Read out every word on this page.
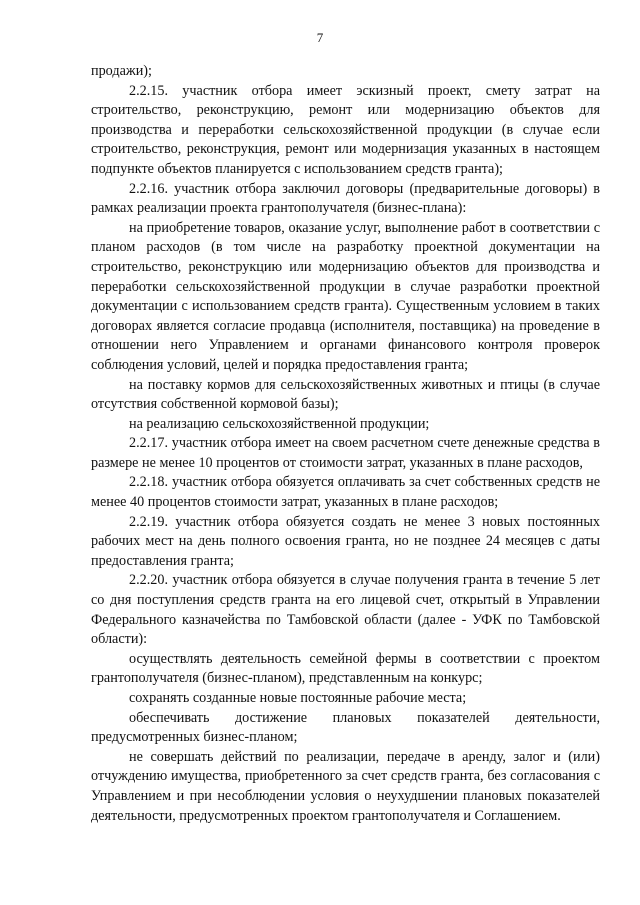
7

продажи);

2.2.15. участник отбора имеет эскизный проект, смету затрат на строительство, реконструкцию, ремонт или модернизацию объектов для производства и переработки сельскохозяйственной продукции (в случае если строительство, реконструкция, ремонт или модернизация указанных в настоящем подпункте объектов планируется с использованием средств гранта);

2.2.16. участник отбора заключил договоры (предварительные договоры) в рамках реализации проекта грантополучателя (бизнес-плана):

на приобретение товаров, оказание услуг, выполнение работ в соответствии с планом расходов (в том числе на разработку проектной документации на строительство, реконструкцию или модернизацию объектов для производства и переработки сельскохозяйственной продукции в случае разработки проектной документации с использованием средств гранта). Существенным условием в таких договорах является согласие продавца (исполнителя, поставщика) на проведение в отношении него Управлением и органами финансового контроля проверок соблюдения условий, целей и порядка предоставления гранта;

на поставку кормов для сельскохозяйственных животных и птицы (в случае отсутствия собственной кормовой базы);

на реализацию сельскохозяйственной продукции;

2.2.17. участник отбора имеет на своем расчетном счете денежные средства в размере не менее 10 процентов от стоимости затрат, указанных в плане расходов,

2.2.18. участник отбора обязуется оплачивать за счет собственных средств не менее 40 процентов стоимости затрат, указанных в плане расходов;

2.2.19. участник отбора обязуется создать не менее 3 новых постоянных рабочих мест на день полного освоения гранта, но не позднее 24 месяцев с даты предоставления гранта;

2.2.20. участник отбора обязуется в случае получения гранта в течение 5 лет со дня поступления средств гранта на его лицевой счет, открытый в Управлении Федерального казначейства по Тамбовской области (далее - УФК по Тамбовской области):

осуществлять деятельность семейной фермы в соответствии с проектом грантополучателя (бизнес-планом), представленным на конкурс;

сохранять созданные новые постоянные рабочие места;

обеспечивать достижение плановых показателей деятельности, предусмотренных бизнес-планом;

не совершать действий по реализации, передаче в аренду, залог и (или) отчуждению имущества, приобретенного за счет средств гранта, без согласования с Управлением и при несоблюдении условия о неухудшении плановых показателей деятельности, предусмотренных проектом грантополучателя и Соглашением.
